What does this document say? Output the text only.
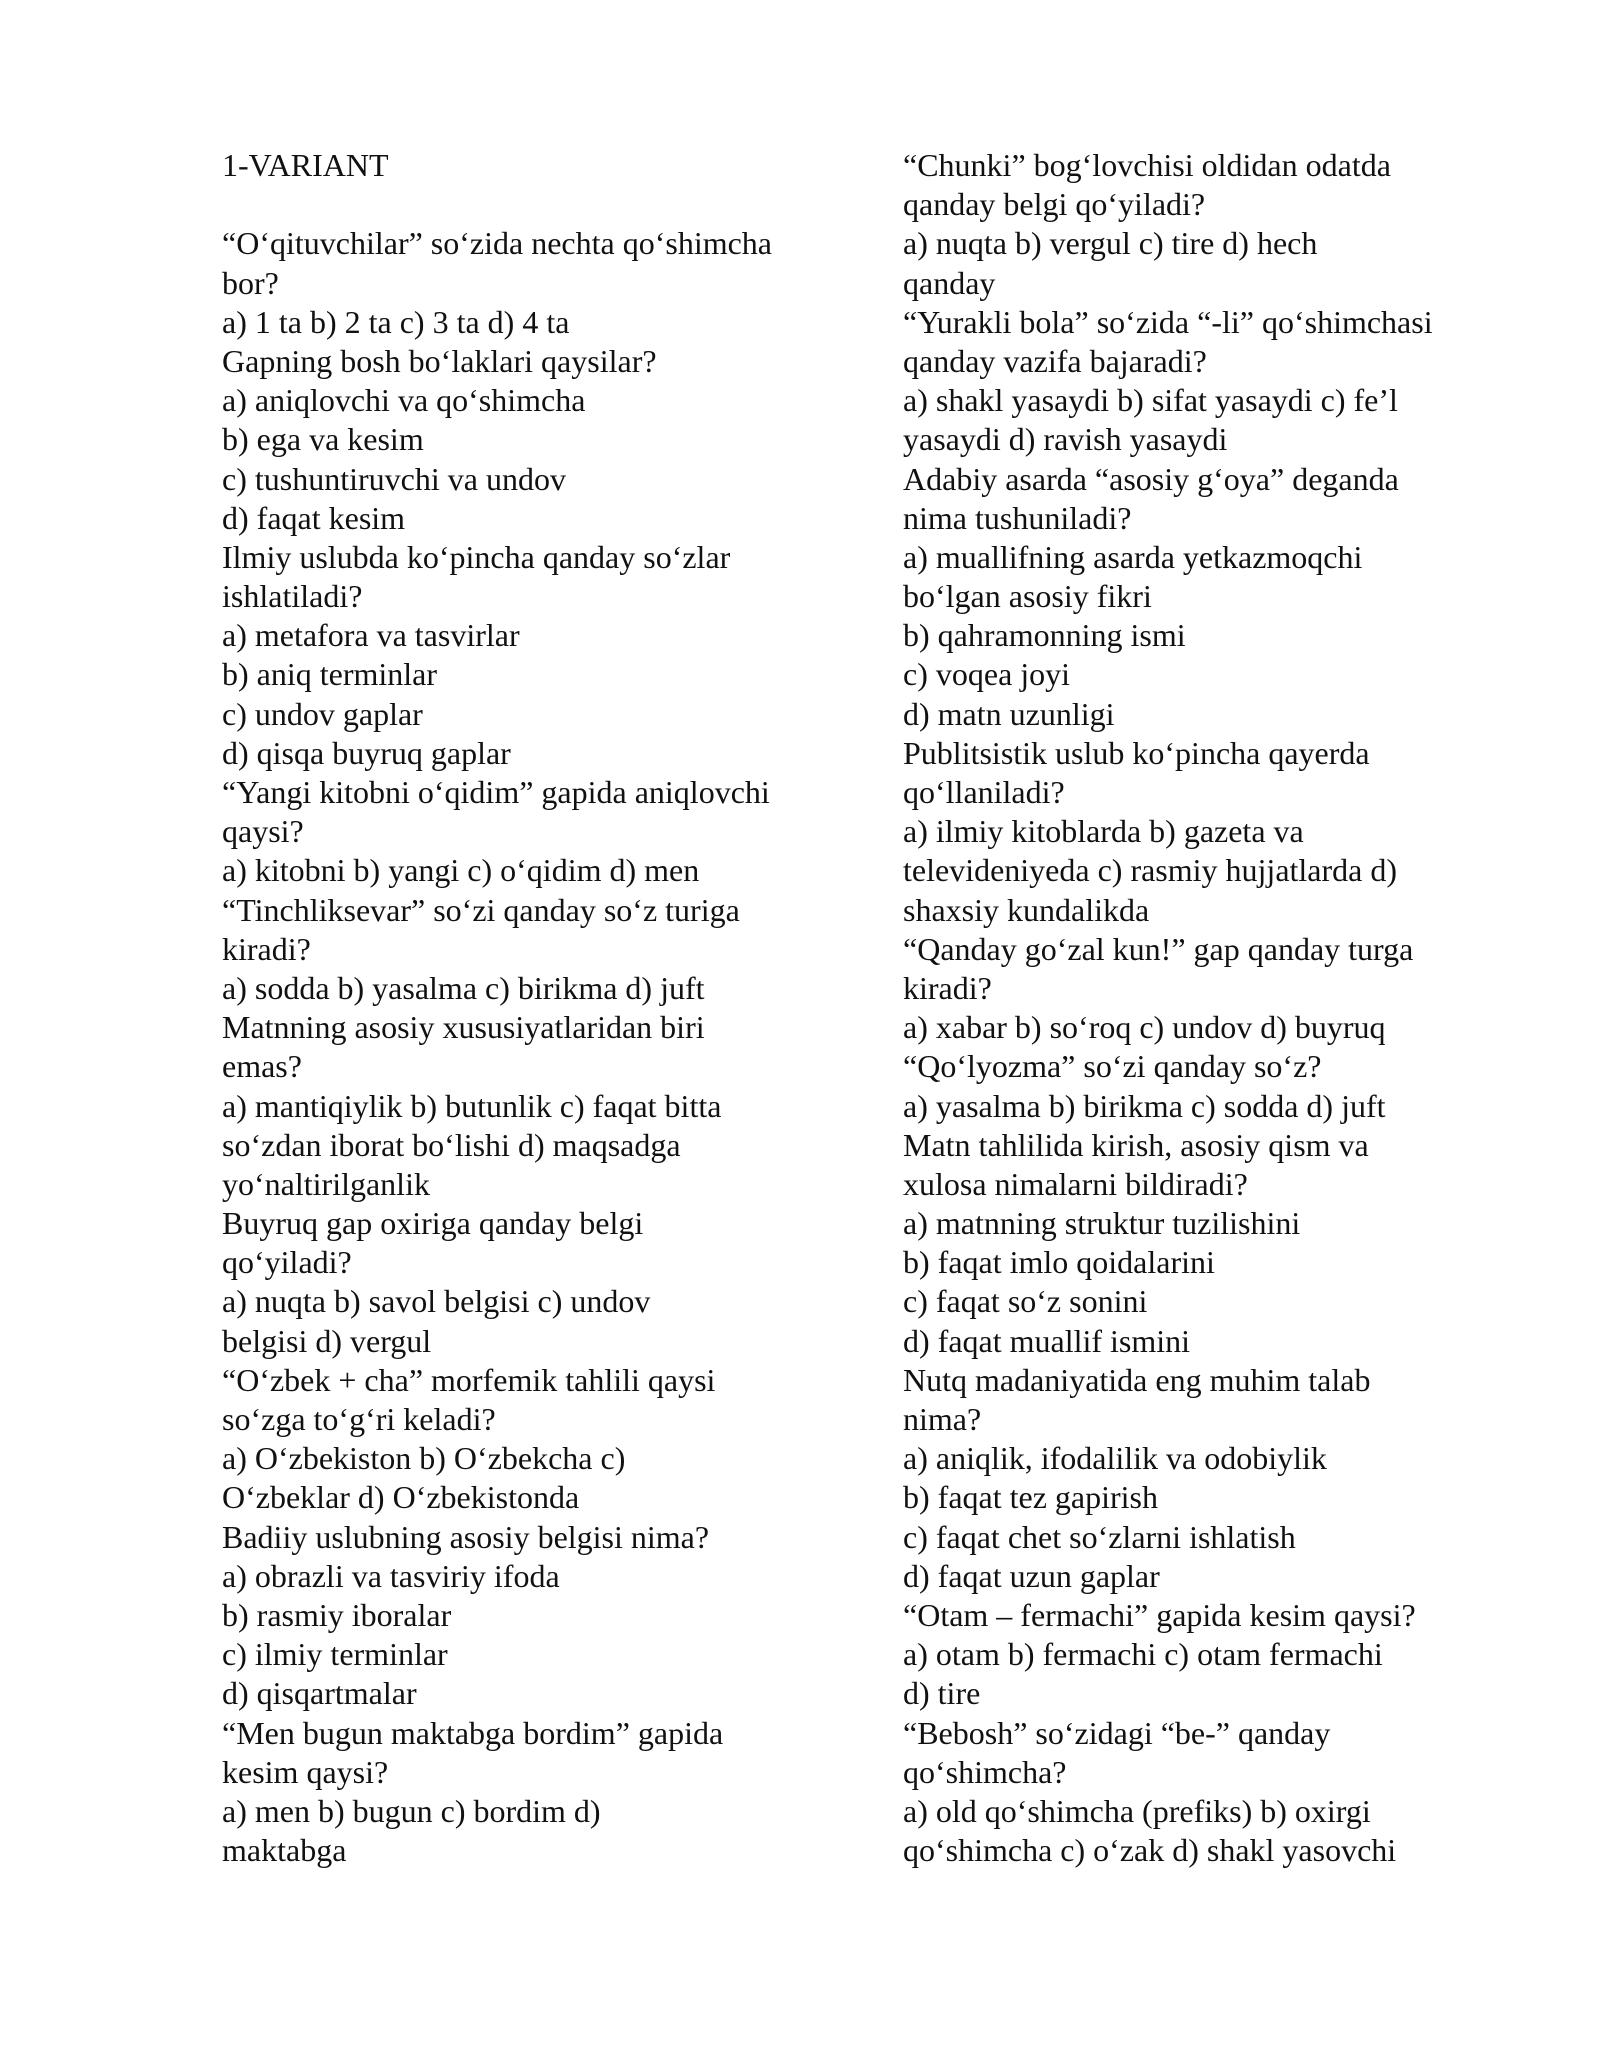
1-VARIANT
“O‘qituvchilar” so‘zida nechta qo‘shimcha
bor?
a) 1 ta b) 2 ta c) 3 ta d) 4 ta
Gapning bosh bo‘laklari qaysilar?
a) aniqlovchi va qo‘shimcha
b) ega va kesim
c) tushuntiruvchi va undov
d) faqat kesim
Ilmiy uslubda ko‘pincha qanday so‘zlar
ishlatiladi?
a) metafora va tasvirlar
b) aniq terminlar
c) undov gaplar
d) qisqa buyruq gaplar
“Yangi kitobni o‘qidim” gapida aniqlovchi
qaysi?
a) kitobni b) yangi c) o‘qidim d) men
“Tinchliksevar” so‘zi qanday so‘z turiga
kiradi?
a) sodda b) yasalma c) birikma d) juft
Matnning asosiy xususiyatlaridan biri
emas?
a) mantiqiylik b) butunlik c) faqat bitta
so‘zdan iborat bo‘lishi d) maqsadga
yo‘naltirilganlik
Buyruq gap oxiriga qanday belgi
qo‘yiladi?
a) nuqta b) savol belgisi c) undov
belgisi d) vergul
“O‘zbek + cha” morfemik tahlili qaysi
so‘zga to‘g‘ri keladi?
a) O‘zbekiston b) O‘zbekcha c)
O‘zbeklar d) O‘zbekistonda
Badiiy uslubning asosiy belgisi nima?
a) obrazli va tasviriy ifoda
b) rasmiy iboralar
c) ilmiy terminlar
d) qisqartmalar
“Men bugun maktabga bordim” gapida
kesim qaysi?
a) men b) bugun c) bordim d)
maktabga
“Chunki” bog‘lovchisi oldidan odatda
qanday belgi qo‘yiladi?
a) nuqta b) vergul c) tire d) hech
qanday
“Yurakli bola” so‘zida “-li” qo‘shimchasi
qanday vazifa bajaradi?
a) shakl yasaydi b) sifat yasaydi c) fe’l
yasaydi d) ravish yasaydi
Adabiy asarda “asosiy g‘oya” deganda
nima tushuniladi?
a) muallifning asarda yetkazmoqchi
bo‘lgan asosiy fikri
b) qahramonning ismi
c) voqea joyi
d) matn uzunligi
Publitsistik uslub ko‘pincha qayerda
qo‘llaniladi?
a) ilmiy kitoblarda b) gazeta va
televideniyeda c) rasmiy hujjatlarda d)
shaxsiy kundalikda
“Qanday go‘zal kun!” gap qanday turga
kiradi?
a) xabar b) so‘roq c) undov d) buyruq
“Qo‘lyozma” so‘zi qanday so‘z?
a) yasalma b) birikma c) sodda d) juft
Matn tahlilida kirish, asosiy qism va
xulosa nimalarni bildiradi?
a) matnning struktur tuzilishini
b) faqat imlo qoidalarini
c) faqat so‘z sonini
d) faqat muallif ismini
Nutq madaniyatida eng muhim talab
nima?
a) aniqlik, ifodalilik va odobiylik
b) faqat tez gapirish
c) faqat chet so‘zlarni ishlatish
d) faqat uzun gaplar
“Otam – fermachi” gapida kesim qaysi?
a) otam b) fermachi c) otam fermachi
d) tire
“Bebosh” so‘zidagi “be-” qanday
qo‘shimcha?
a) old qo‘shimcha (prefiks) b) oxirgi
qo‘shimcha c) o‘zak d) shakl yasovchi
